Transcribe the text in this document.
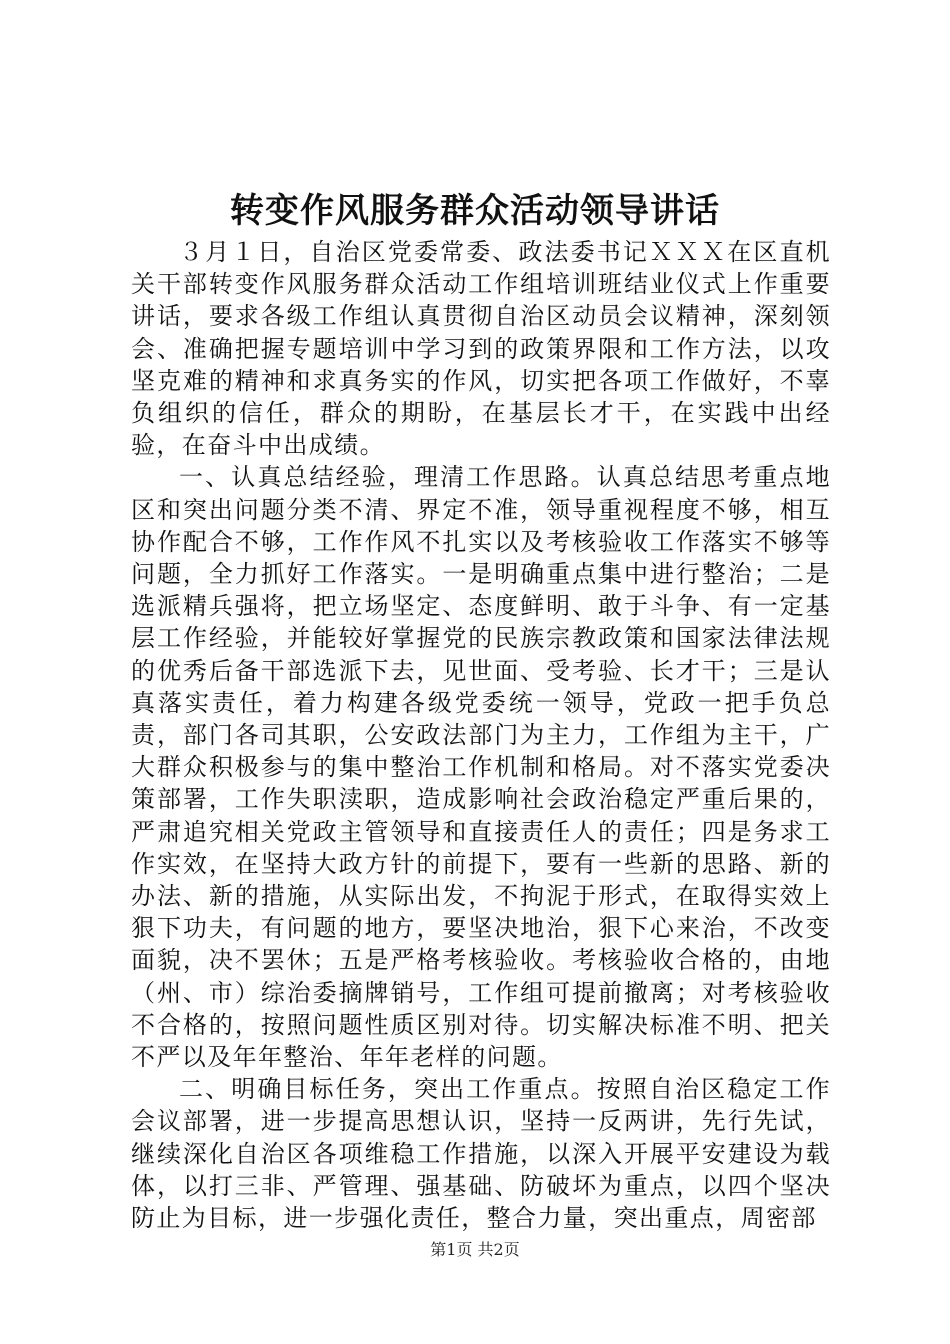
转变作风服务群众活动领导讲话

３月１日，自治区党委常委、政法委书记ＸＸＸ在区直机关干部转变作风服务群众活动工作组培训班结业仪式上作重要讲话，要求各级工作组认真贯彻自治区动员会议精神，深刻领会、准确把握专题培训中学习到的政策界限和工作方法，以攻坚克难的精神和求真务实的作风，切实把各项工作做好，不辜负组织的信任，群众的期盼，在基层长才干，在实践中出经验，在奋斗中出成绩。

一、认真总结经验，理清工作思路。认真总结思考重点地区和突出问题分类不清、界定不准，领导重视程度不够，相互协作配合不够，工作作风不扎实以及考核验收工作落实不够等问题，全力抓好工作落实。一是明确重点集中进行整治；二是选派精兵强将，把立场坚定、态度鲜明、敢于斗争、有一定基层工作经验，并能较好掌握党的民族宗教政策和国家法律法规的优秀后备干部选派下去，见世面、受考验、长才干；三是认真落实责任，着力构建各级党委统一领导，党政一把手负总责，部门各司其职，公安政法部门为主力，工作组为主干，广大群众积极参与的集中整治工作机制和格局。对不落实党委决策部署，工作失职渎职，造成影响社会政治稳定严重后果的，严肃追究相关党政主管领导和直接责任人的责任；四是务求工作实效，在坚持大政方针的前提下，要有一些新的思路、新的办法、新的措施，从实际出发，不拘泥于形式，在取得实效上狠下功夫，有问题的地方，要坚决地治，狠下心来治，不改变面貌，决不罢休；五是严格考核验收。考核验收合格的，由地（州、市）综治委摘牌销号，工作组可提前撤离；对考核验收不合格的，按照问题性质区别对待。切实解决标准不明、把关不严以及年年整治、年年老样的问题。

二、明确目标任务，突出工作重点。按照自治区稳定工作会议部署，进一步提高思想认识，坚持一反两讲，先行先试，继续深化自治区各项维稳工作措施，以深入开展平安建设为载体，以打三非、严管理、强基础、防破坏为重点，以四个坚决防止为目标，进一步强化责任，整合力量，突出重点，周密部

第1页 共2页
